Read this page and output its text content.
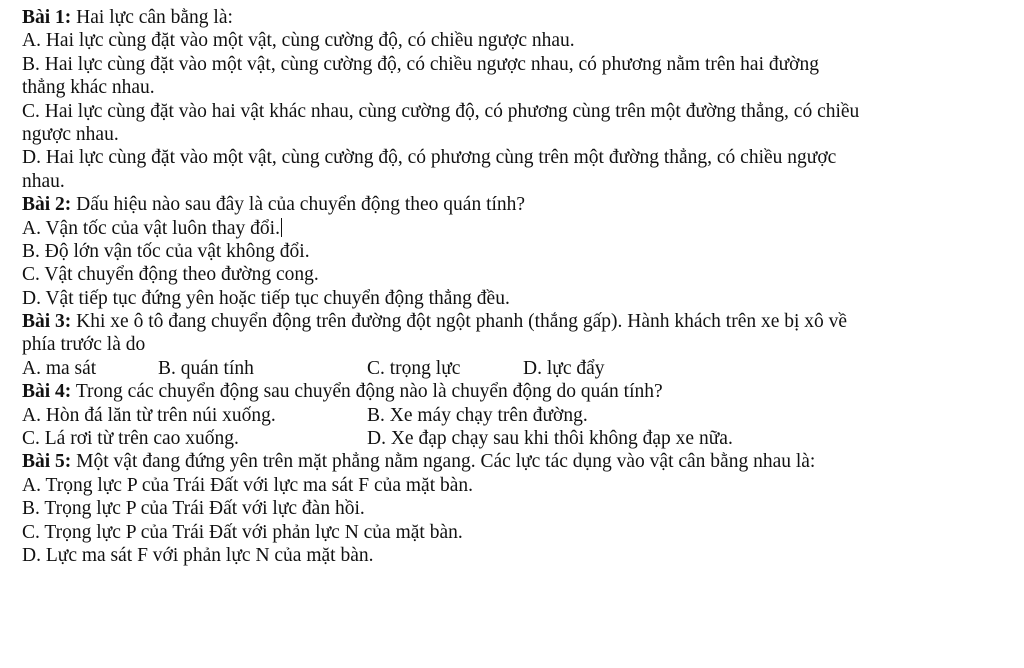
Bài 1: Hai lực cân bằng là:
A. Hai lực cùng đặt vào một vật, cùng cường độ, có chiều ngược nhau.
B. Hai lực cùng đặt vào một vật, cùng cường độ, có chiều ngược nhau, có phương nằm trên hai đường
thẳng khác nhau.
C. Hai lực cùng đặt vào hai vật khác nhau, cùng cường độ, có phương cùng trên một đường thẳng, có chiều
ngược nhau.
D. Hai lực cùng đặt vào một vật, cùng cường độ, có phương cùng trên một đường thẳng, có chiều ngược
nhau.
Bài 2: Dấu hiệu nào sau đây là của chuyển động theo quán tính?
A. Vận tốc của vật luôn thay đổi.
B. Độ lớn vận tốc của vật không đổi.
C. Vật chuyển động theo đường cong.
D. Vật tiếp tục đứng yên hoặc tiếp tục chuyển động thẳng đều.
Bài 3: Khi xe ô tô đang chuyển động trên đường đột ngột phanh (thắng gấp). Hành khách trên xe bị xô về
phía trước là do
A. ma sát	B. quán tính	C. trọng lực	D. lực đẩy
Bài 4: Trong các chuyển động sau chuyển động nào là chuyển động do quán tính?
A. Hòn đá lăn từ trên núi xuống.	B. Xe máy chạy trên đường.
C. Lá rơi từ trên cao xuống.	D. Xe đạp chạy sau khi thôi không đạp xe nữa.
Bài 5: Một vật đang đứng yên trên mặt phẳng nằm ngang. Các lực tác dụng vào vật cân bằng nhau là:
A. Trọng lực P của Trái Đất với lực ma sát F của mặt bàn.
B. Trọng lực P của Trái Đất với lực đàn hồi.
C. Trọng lực P của Trái Đất với phản lực N của mặt bàn.
D. Lực ma sát F với phản lực N của mặt bàn.
